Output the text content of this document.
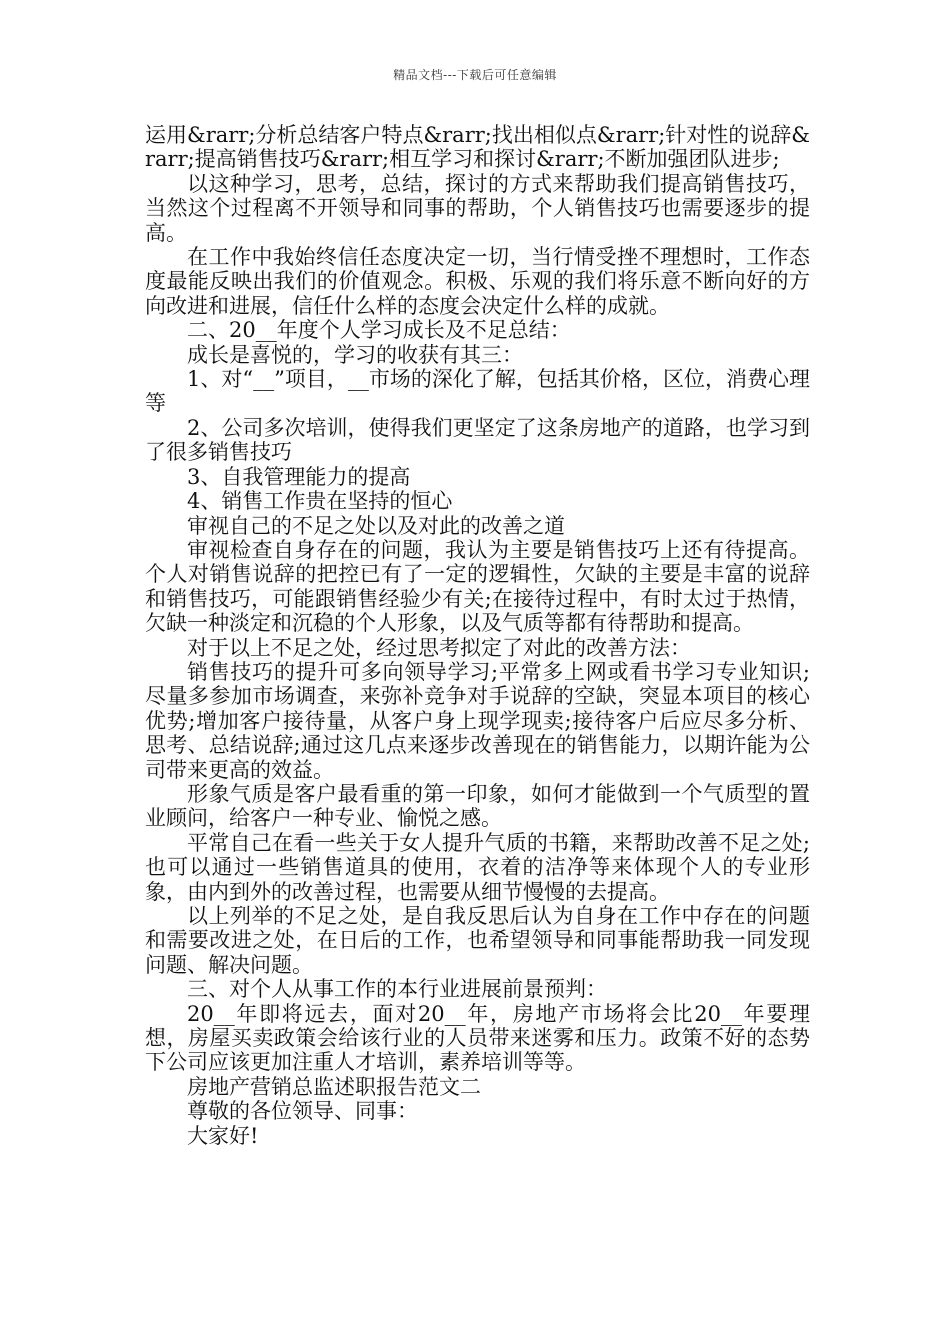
精品文档---下载后可任意编辑

运用&rarr;分析总结客户特点&rarr;找出相似点&rarr;针对性的说辞&rarr;提高销售技巧&rarr;相互学习和探讨&rarr;不断加强团队进步;

以这种学习，思考，总结，探讨的方式来帮助我们提高销售技巧，当然这个过程离不开领导和同事的帮助，个人销售技巧也需要逐步的提高。

在工作中我始终信任态度决定一切，当行情受挫不理想时，工作态度最能反映出我们的价值观念。积极、乐观的我们将乐意不断向好的方向改进和进展，信任什么样的态度会决定什么样的成就。

二、20__年度个人学习成长及不足总结：

成长是喜悦的，学习的收获有其三：

1、对“__”项目，__市场的深化了解，包括其价格，区位，消费心理等

2、公司多次培训，使得我们更坚定了这条房地产的道路，也学习到了很多销售技巧

3、自我管理能力的提高

4、销售工作贵在坚持的恒心

审视自己的不足之处以及对此的改善之道

审视检查自身存在的问题，我认为主要是销售技巧上还有待提高。个人对销售说辞的把控已有了一定的逻辑性，欠缺的主要是丰富的说辞和销售技巧，可能跟销售经验少有关;在接待过程中，有时太过于热情，欠缺一种淡定和沉稳的个人形象，以及气质等都有待帮助和提高。

对于以上不足之处，经过思考拟定了对此的改善方法：

销售技巧的提升可多向领导学习;平常多上网或看书学习专业知识;尽量多参加市场调查，来弥补竞争对手说辞的空缺，突显本项目的核心优势;增加客户接待量，从客户身上现学现卖;接待客户后应尽多分析、思考、总结说辞;通过这几点来逐步改善现在的销售能力，以期许能为公司带来更高的效益。

形象气质是客户最看重的第一印象，如何才能做到一个气质型的置业顾问，给客户一种专业、愉悦之感。

平常自己在看一些关于女人提升气质的书籍，来帮助改善不足之处;也可以通过一些销售道具的使用，衣着的洁净等来体现个人的专业形象，由内到外的改善过程，也需要从细节慢慢的去提高。

以上列举的不足之处，是自我反思后认为自身在工作中存在的问题和需要改进之处，在日后的工作，也希望领导和同事能帮助我一同发现问题、解决问题。

三、对个人从事工作的本行业进展前景预判：

20__年即将远去，面对20__年，房地产市场将会比20__年要理想，房屋买卖政策会给该行业的人员带来迷雾和压力。政策不好的态势下公司应该更加注重人才培训，素养培训等等。

房地产营销总监述职报告范文二

尊敬的各位领导、同事：

大家好!
